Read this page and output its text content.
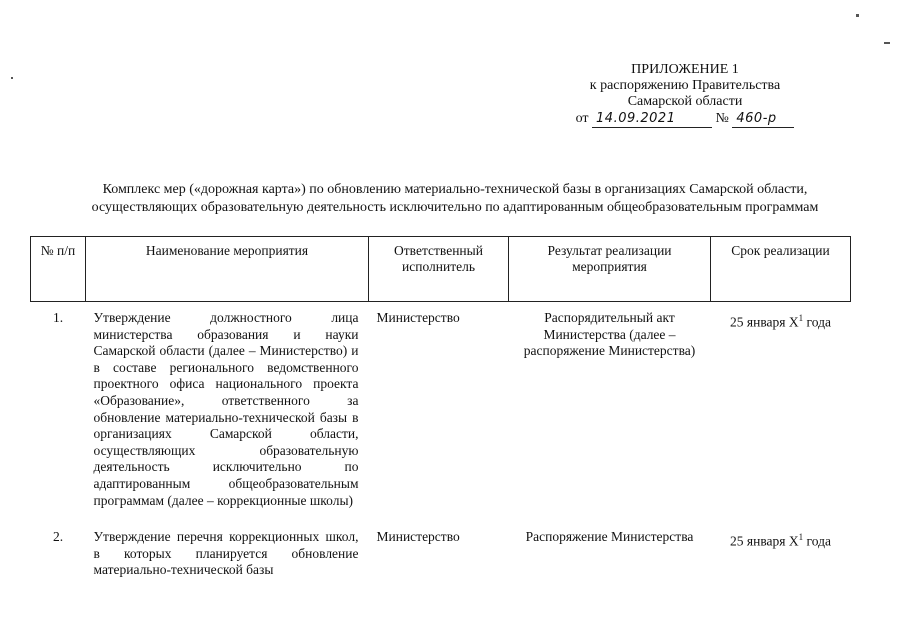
ПРИЛОЖЕНИЕ 1
к распоряжению Правительства
Самарской области
от 14.09.2021	№ 460-р
Комплекс мер («дорожная карта») по обновлению материально-технической базы в организациях Самарской области,
осуществляющих образовательную деятельность исключительно по адаптированным общеобразовательным программам
№ п/п	Наименование мероприятия	Ответственный исполнитель	Результат реализации мероприятия	Срок реализации
1.	Утверждение должностного лица министерства образования и науки Самарской области (далее – Министерство) и в составе регионального ведомственного проектного офиса национального проекта «Образование», ответственного за обновление материально-технической базы в организациях Самарской области, осуществляющих образовательную деятельность исключительно по адаптированным общеобразовательным программам (далее – коррекционные школы)	Министерство	Распорядительный акт Министерства (далее – распоряжение Министерства)	25 января $X^1$ года
2.	Утверждение перечня коррекционных школ, в которых планируется обновление материально-технической базы	Министерство	Распоряжение Министерства	25 января $X^1$ года
